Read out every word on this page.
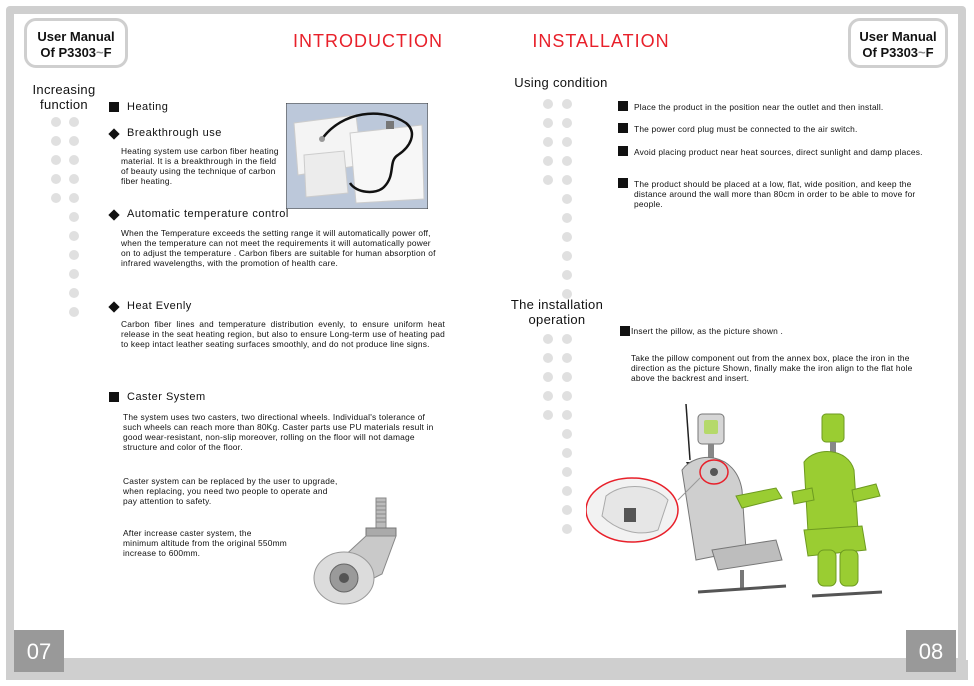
User Manual
Of P3303~F
User Manual
Of P3303~F
INTRODUCTION	INSTALLATION
Increasing
function	Heating
Breakthrough use
Heating system use carbon fiber heating material. It is a breakthrough in the field of beauty using the technique of carbon fiber heating.
Automatic temperature control
When the Temperature exceeds the setting range it will automatically power off, when the temperature can not meet the requirements it will automatically power on to adjust the temperature . Carbon fibers are suitable for human absorption of infrared wavelengths, with the promotion of health care.
Heat Evenly
Carbon fiber lines and temperature distribution evenly, to ensure uniform heat release in the seat heating region, but also to ensure Long-term use of heating pad to keep intact leather seating surfaces smoothly, and do not produce line signs.
Caster System
The system uses two casters, two directional wheels. Individual's tolerance of such wheels can reach more than 80Kg. Caster parts use PU materials result in good wear-resistant, non-slip moreover, rolling on the floor will not damage structure and color of the floor.
Caster system can be replaced by the user to upgrade, when replacing, you need two people to operate and pay attention to safety.
After increase caster system, the minimum altitude from the original 550mm increase to 600mm.
07
Using condition
Place the product in the position near the outlet and then install.
The power cord plug must be connected to the air switch.
Avoid placing product near heat sources, direct sunlight and damp places.
The product should be placed at a low, flat, wide position, and keep the distance around the wall more than 80cm in order to be able to move for people.
The installation
operation
Insert the pillow, as the picture shown .
Take the pillow component out from the annex box, place the iron in the direction as the picture Shown, finally make the iron align to the flat hole above the backrest and insert.
08
